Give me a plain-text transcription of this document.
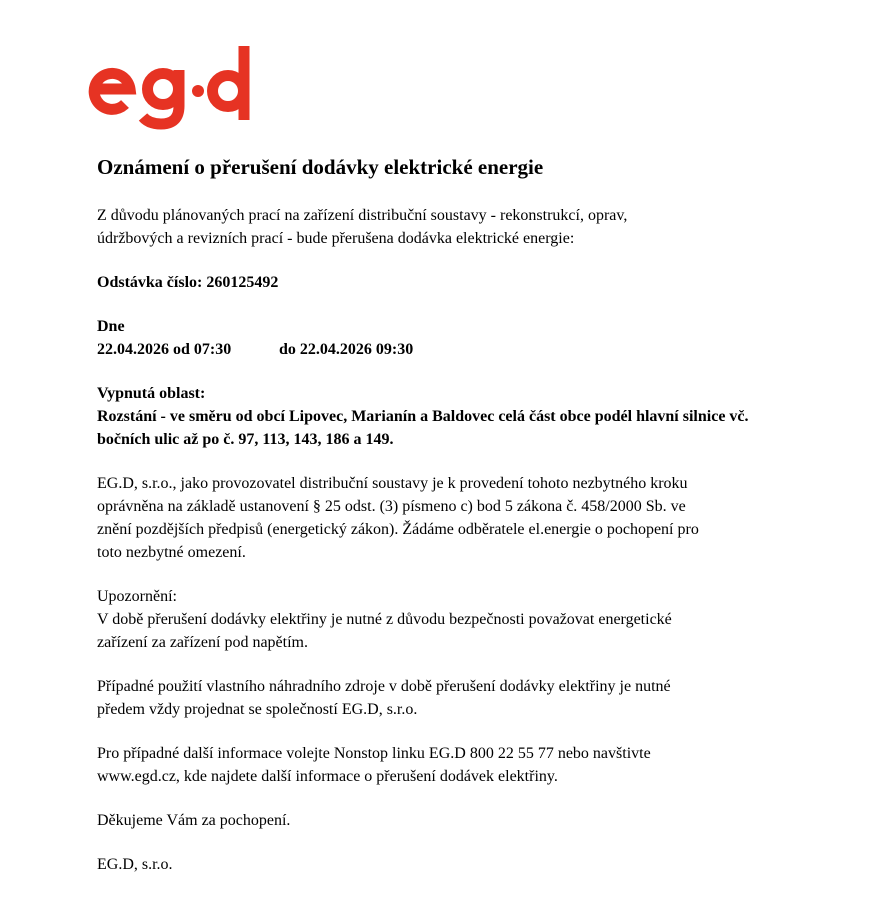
Oznámení o přerušení dodávky elektrické energie
Z důvodu plánovaných prací na zařízení distribuční soustavy - rekonstrukcí, oprav,
údržbových a revizních prací - bude přerušena dodávka elektrické energie:
Odstávka číslo: 260125492
Dne
22.04.2026 od 07:30	do 22.04.2026 09:30
Vypnutá oblast:
Rozstání - ve směru od obcí Lipovec, Marianín a Baldovec celá část obce podél hlavní silnice vč.
bočních ulic až po č. 97, 113, 143, 186 a 149.
EG.D, s.r.o., jako provozovatel distribuční soustavy je k provedení tohoto nezbytného kroku
oprávněna na základě ustanovení § 25 odst. (3) písmeno c) bod 5 zákona č. 458/2000 Sb. ve
znění pozdějších předpisů (energetický zákon). Žádáme odběratele el.energie o pochopení pro
toto nezbytné omezení.
Upozornění:
V době přerušení dodávky elektřiny je nutné z důvodu bezpečnosti považovat energetické
zařízení za zařízení pod napětím.
Případné použití vlastního náhradního zdroje v době přerušení dodávky elektřiny je nutné
předem vždy projednat se společností EG.D, s.r.o.
Pro případné další informace volejte Nonstop linku EG.D 800 22 55 77 nebo navštivte
www.egd.cz, kde najdete další informace o přerušení dodávek elektřiny.
Děkujeme Vám za pochopení.
EG.D, s.r.o.
